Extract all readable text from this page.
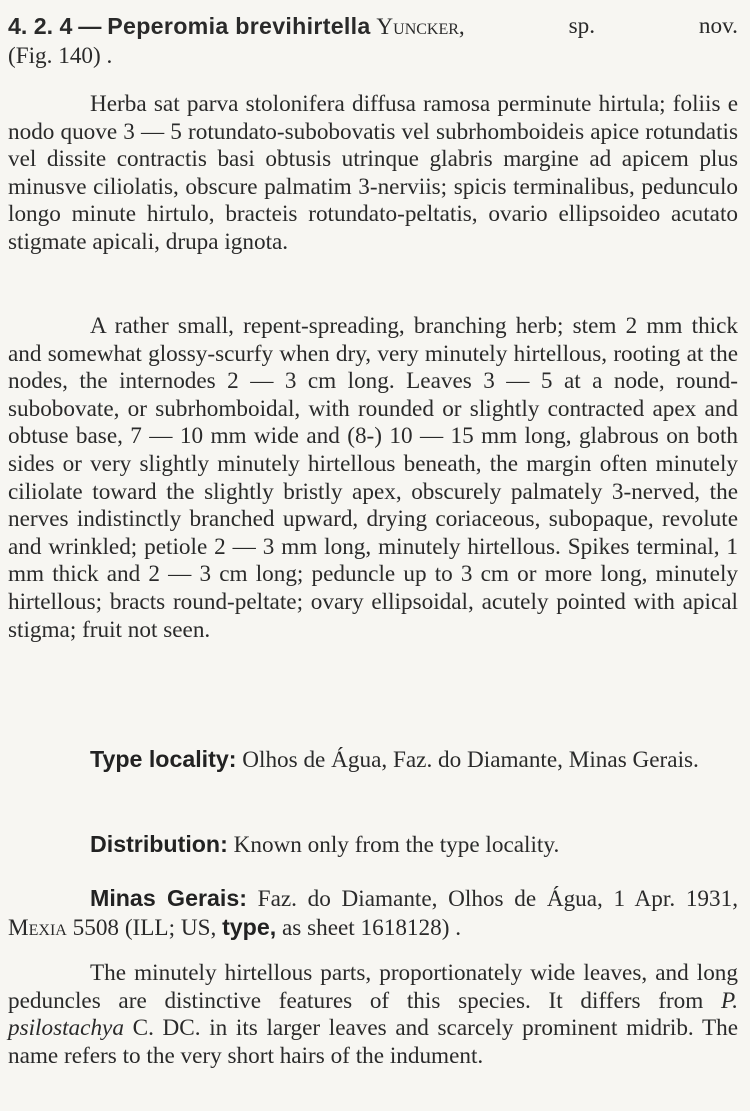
4. 2. 4 — Peperomia brevihirtella Yuncker,	sp.	nov.
(Fig. 140) .

Herba sat parva stolonifera diffusa ramosa perminute hirtula; foliis e nodo quove 3 — 5 rotundato-subobovatis vel subrhomboideis apice rotundatis vel dissite contractis basi obtusis utrinque glabris margine ad apicem plus minusve ciliolatis, obscure palmatim 3-nerviis; spicis terminalibus, pedunculo longo minute hirtulo, bracteis rotundato-peltatis, ovario ellipsoideo acutato stigmate apicali, drupa ignota.

A rather small, repent-spreading, branching herb; stem 2 mm thick and somewhat glossy-scurfy when dry, very minutely hirtellous, rooting at the nodes, the internodes 2 — 3 cm long. Leaves 3 — 5 at a node, round-subobovate, or subrhomboidal, with rounded or slightly contracted apex and obtuse base, 7 — 10 mm wide and (8-) 10 — 15 mm long, glabrous on both sides or very slightly minutely hirtellous beneath, the margin often minutely ciliolate toward the slightly bristly apex, obscurely palmately 3-nerved, the nerves indistinctly branched upward, drying coriaceous, subopaque, revolute and wrinkled; petiole 2 — 3 mm long, minutely hirtellous. Spikes terminal, 1 mm thick and 2 — 3 cm long; peduncle up to 3 cm or more long, minutely hirtellous; bracts round-peltate; ovary ellipsoidal, acutely pointed with apical stigma; fruit not seen.

Type locality: Olhos de Água, Faz. do Diamante, Minas Gerais.

Distribution: Known only from the type locality.

Minas Gerais: Faz. do Diamante, Olhos de Água, 1 Apr. 1931, Mexia 5508 (ILL; US, type, as sheet 1618128) .

The minutely hirtellous parts, proportionately wide leaves, and long peduncles are distinctive features of this species. It differs from P. psilostachya C. DC. in its larger leaves and scarcely prominent midrib. The name refers to the very short hairs of the indument.
